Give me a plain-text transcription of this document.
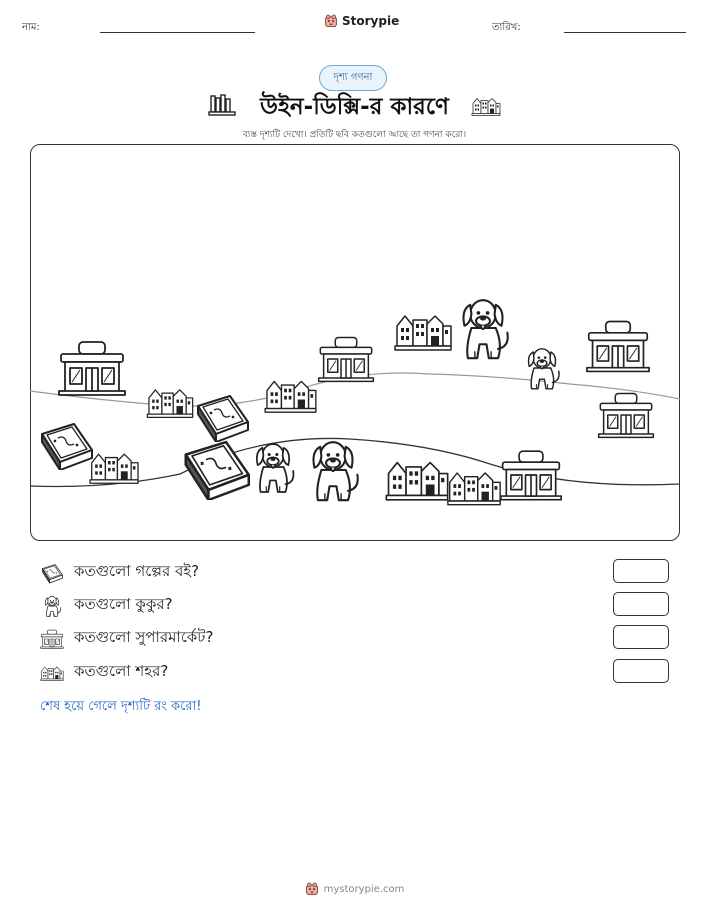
নাম:	Storypie	তারিখ:
দৃশ্য গণনা
উইন-ডিক্সি-র কারণে
ব্যস্ত দৃশ্যটি দেখো। প্রতিটি ছবি কতগুলো আছে তা গণনা করো।
কতগুলো গল্পের বই?
কতগুলো কুকুর?
কতগুলো সুপারমার্কেট?
কতগুলো শহর?
শেষ হয়ে গেলে দৃশ্যটি রং করো!
mystorypie.com
